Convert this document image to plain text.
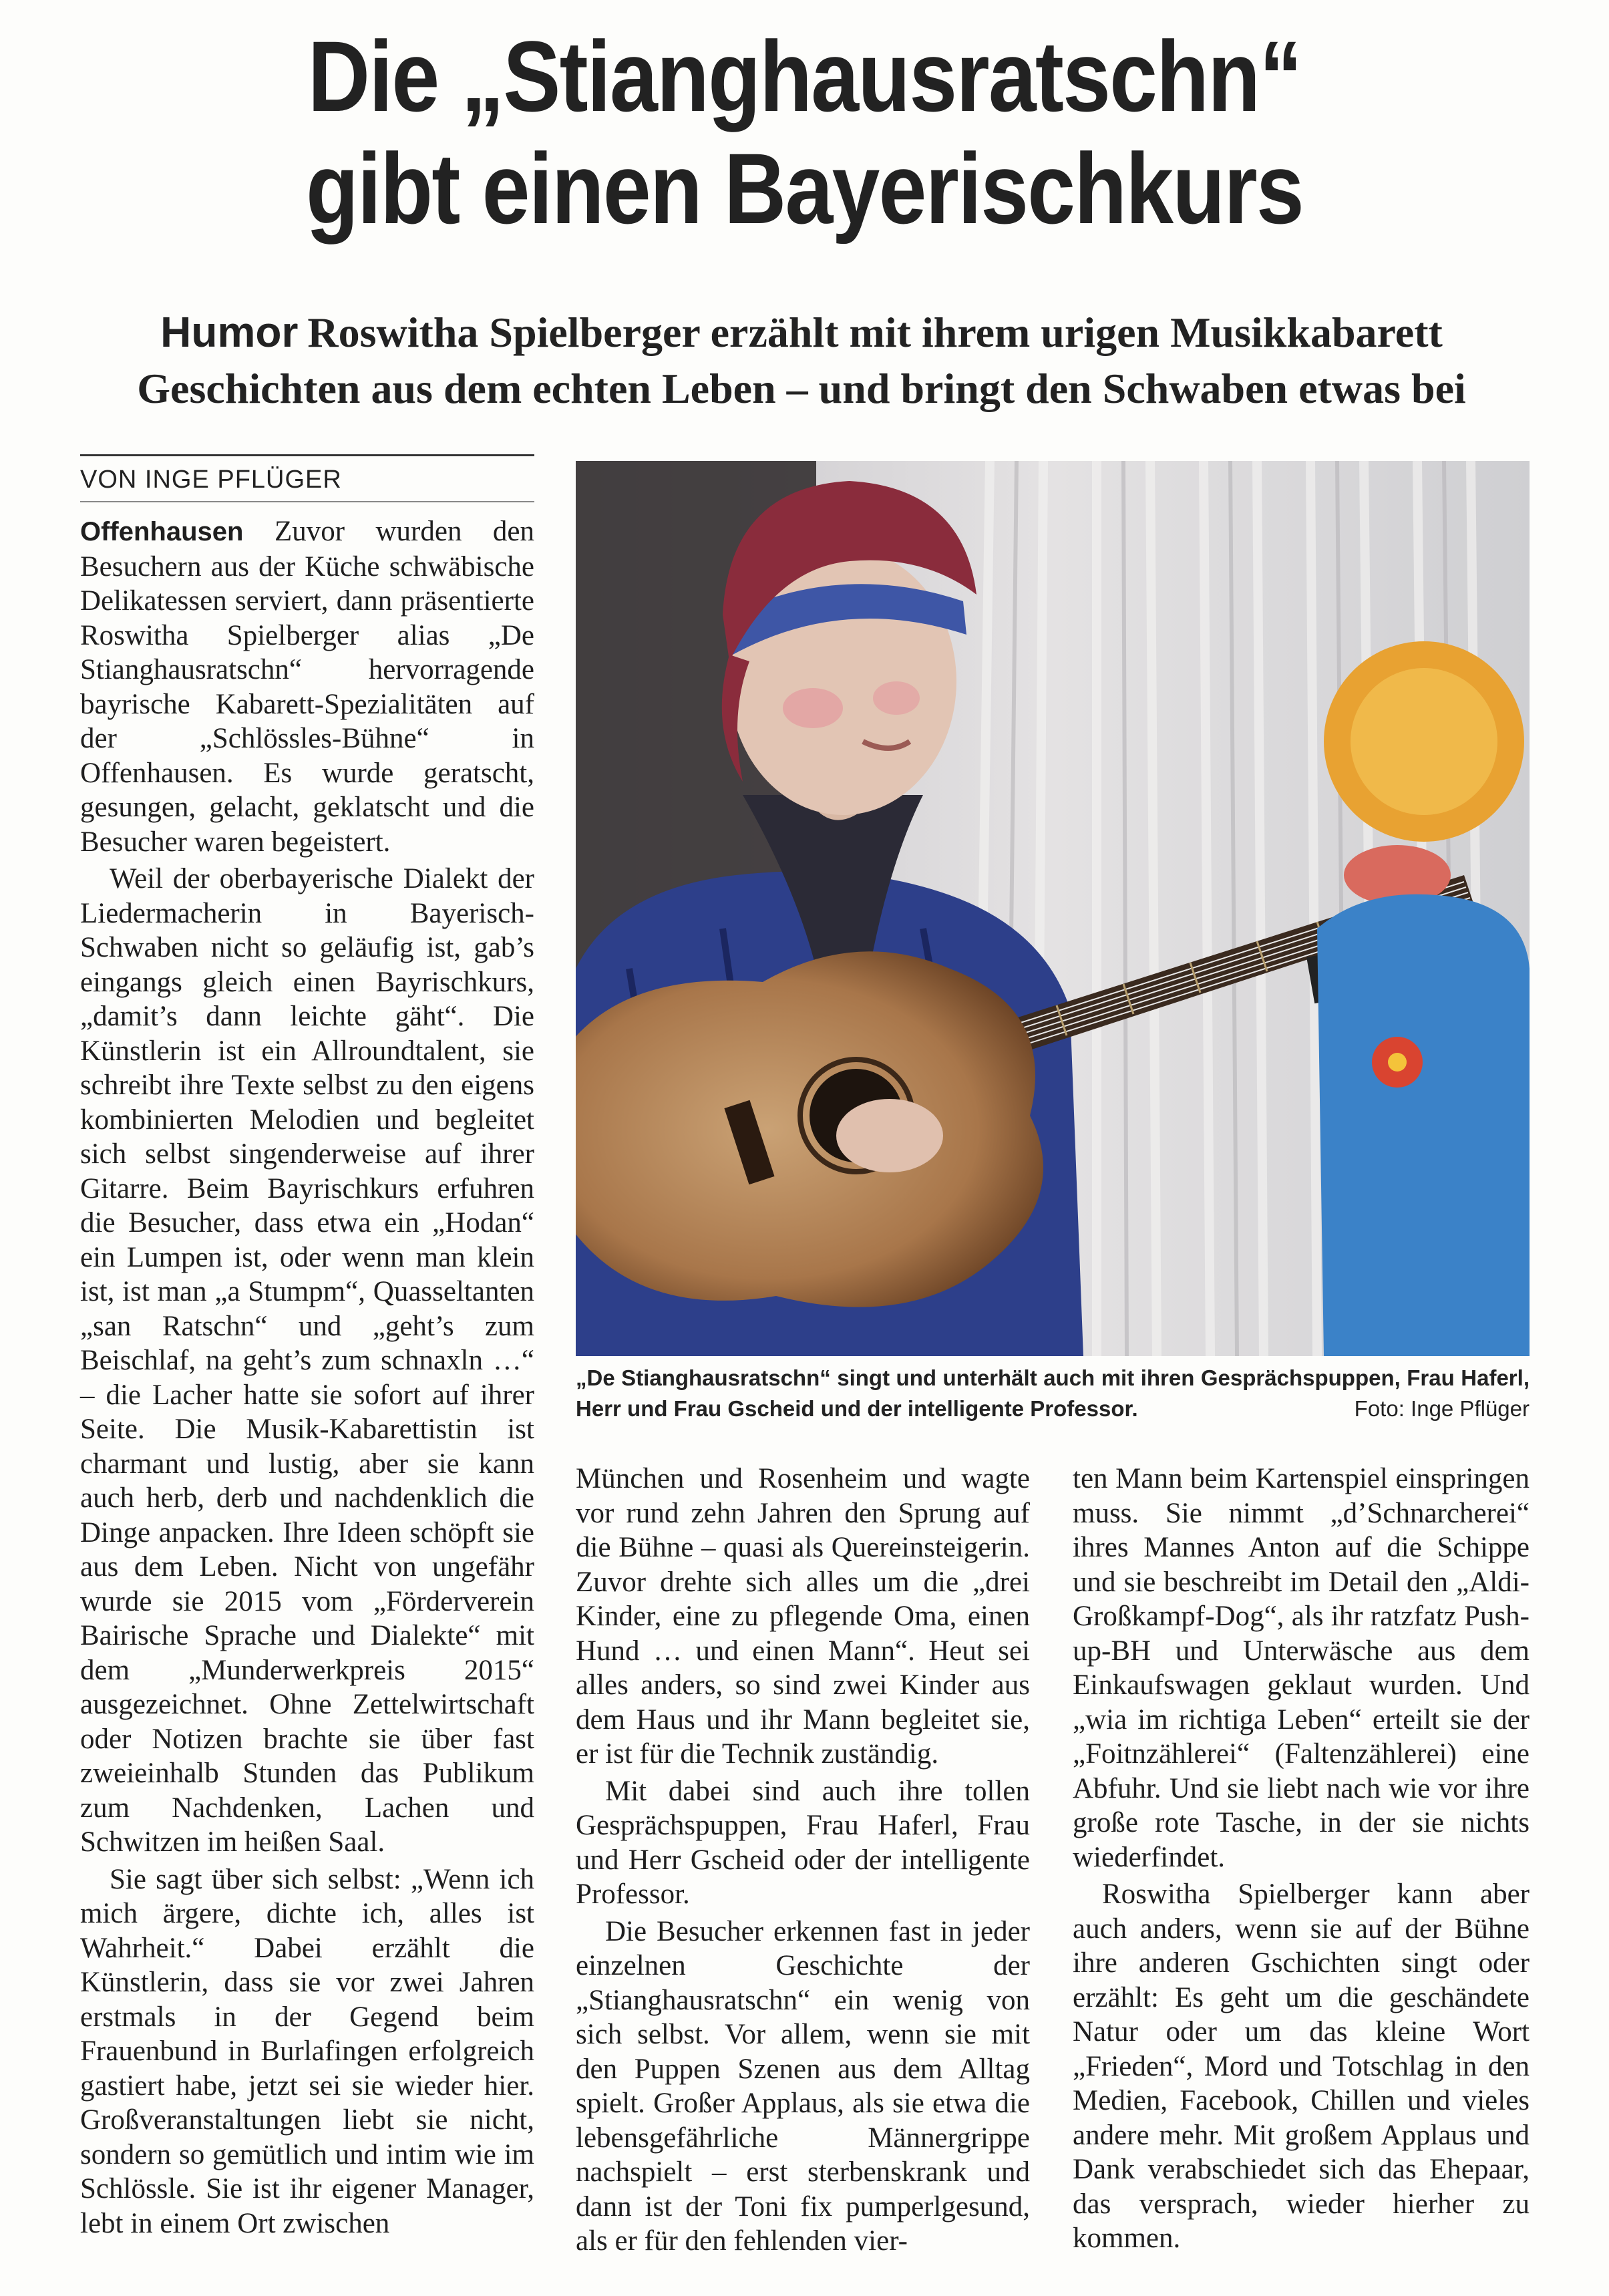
Die „Stianghausratschn“
gibt einen Bayerischkurs
Humor Roswitha Spielberger erzählt mit ihrem urigen Musikkabarett
Geschichten aus dem echten Leben – und bringt den Schwaben etwas bei
VON INGE PFLÜGER

Offenhausen Zuvor wurden den Besuchern aus der Küche schwäbische Delikatessen serviert, dann präsentierte Roswitha Spielberger alias „De Stianghausratschn“ hervorragende bayrische Kabarett-Spezialitäten auf der „Schlössles-Bühne“ in Offenhausen. Es wurde geratscht, gesungen, gelacht, geklatscht und die Besucher waren begeistert.

Weil der oberbayerische Dialekt der Liedermacherin in Bayerisch-Schwaben nicht so geläufig ist, gab’s eingangs gleich einen Bayrischkurs, „damit’s dann leichte gäht“. Die Künstlerin ist ein Allroundtalent, sie schreibt ihre Texte selbst zu den eigens kombinierten Melodien und begleitet sich selbst singenderweise auf ihrer Gitarre. Beim Bayrischkurs erfuhren die Besucher, dass etwa ein „Hodan“ ein Lumpen ist, oder wenn man klein ist, ist man „a Stumpm“, Quasseltanten „san Ratschn“ und „geht’s zum Beischlaf, na geht’s zum schnaxln …“ – die Lacher hatte sie sofort auf ihrer Seite. Die Musik-Kabarettistin ist charmant und lustig, aber sie kann auch herb, derb und nachdenklich die Dinge anpacken. Ihre Ideen schöpft sie aus dem Leben. Nicht von ungefähr wurde sie 2015 vom „Förderverein Bairische Sprache und Dialekte“ mit dem „Munderwerkpreis 2015“ ausgezeichnet. Ohne Zettelwirtschaft oder Notizen brachte sie über fast zweieinhalb Stunden das Publikum zum Nachdenken, Lachen und Schwitzen im heißen Saal.

Sie sagt über sich selbst: „Wenn ich mich ärgere, dichte ich, alles ist Wahrheit.“ Dabei erzählt die Künstlerin, dass sie vor zwei Jahren erstmals in der Gegend beim Frauenbund in Burlafingen erfolgreich gastiert habe, jetzt sei sie wieder hier. Großveranstaltungen liebt sie nicht, sondern so gemütlich und intim wie im Schlössle. Sie ist ihr eigener Manager, lebt in einem Ort zwischen

„De Stianghausratschn“ singt und unterhält auch mit ihren Gesprächspuppen, Frau Haferl, Herr und Frau Gscheid und der intelligente Professor.	Foto: Inge Pflüger

München und Rosenheim und wagte vor rund zehn Jahren den Sprung auf die Bühne – quasi als Quereinsteigerin. Zuvor drehte sich alles um die „drei Kinder, eine zu pflegende Oma, einen Hund … und einen Mann“. Heut sei alles anders, so sind zwei Kinder aus dem Haus und ihr Mann begleitet sie, er ist für die Technik zuständig.

Mit dabei sind auch ihre tollen Gesprächspuppen, Frau Haferl, Frau und Herr Gscheid oder der intelligente Professor.

Die Besucher erkennen fast in jeder einzelnen Geschichte der „Stianghausratschn“ ein wenig von sich selbst. Vor allem, wenn sie mit den Puppen Szenen aus dem Alltag spielt. Großer Applaus, als sie etwa die lebensgefährliche Männergrippe nachspielt – erst sterbenskrank und dann ist der Toni fix pumperlgesund, als er für den fehlenden vier-

ten Mann beim Kartenspiel einspringen muss. Sie nimmt „d’Schnarcherei“ ihres Mannes Anton auf die Schippe und sie beschreibt im Detail den „Aldi-Großkampf-Dog“, als ihr ratzfatz Push-up-BH und Unterwäsche aus dem Einkaufswagen geklaut wurden. Und „wia im richtiga Leben“ erteilt sie der „Foitnzählerei“ (Faltenzählerei) eine Abfuhr. Und sie liebt nach wie vor ihre große rote Tasche, in der sie nichts wiederfindet.

Roswitha Spielberger kann aber auch anders, wenn sie auf der Bühne ihre anderen Gschichten singt oder erzählt: Es geht um die geschändete Natur oder um das kleine Wort „Frieden“, Mord und Totschlag in den Medien, Facebook, Chillen und vieles andere mehr. Mit großem Applaus und Dank verabschiedet sich das Ehepaar, das versprach, wieder hierher zu kommen.
